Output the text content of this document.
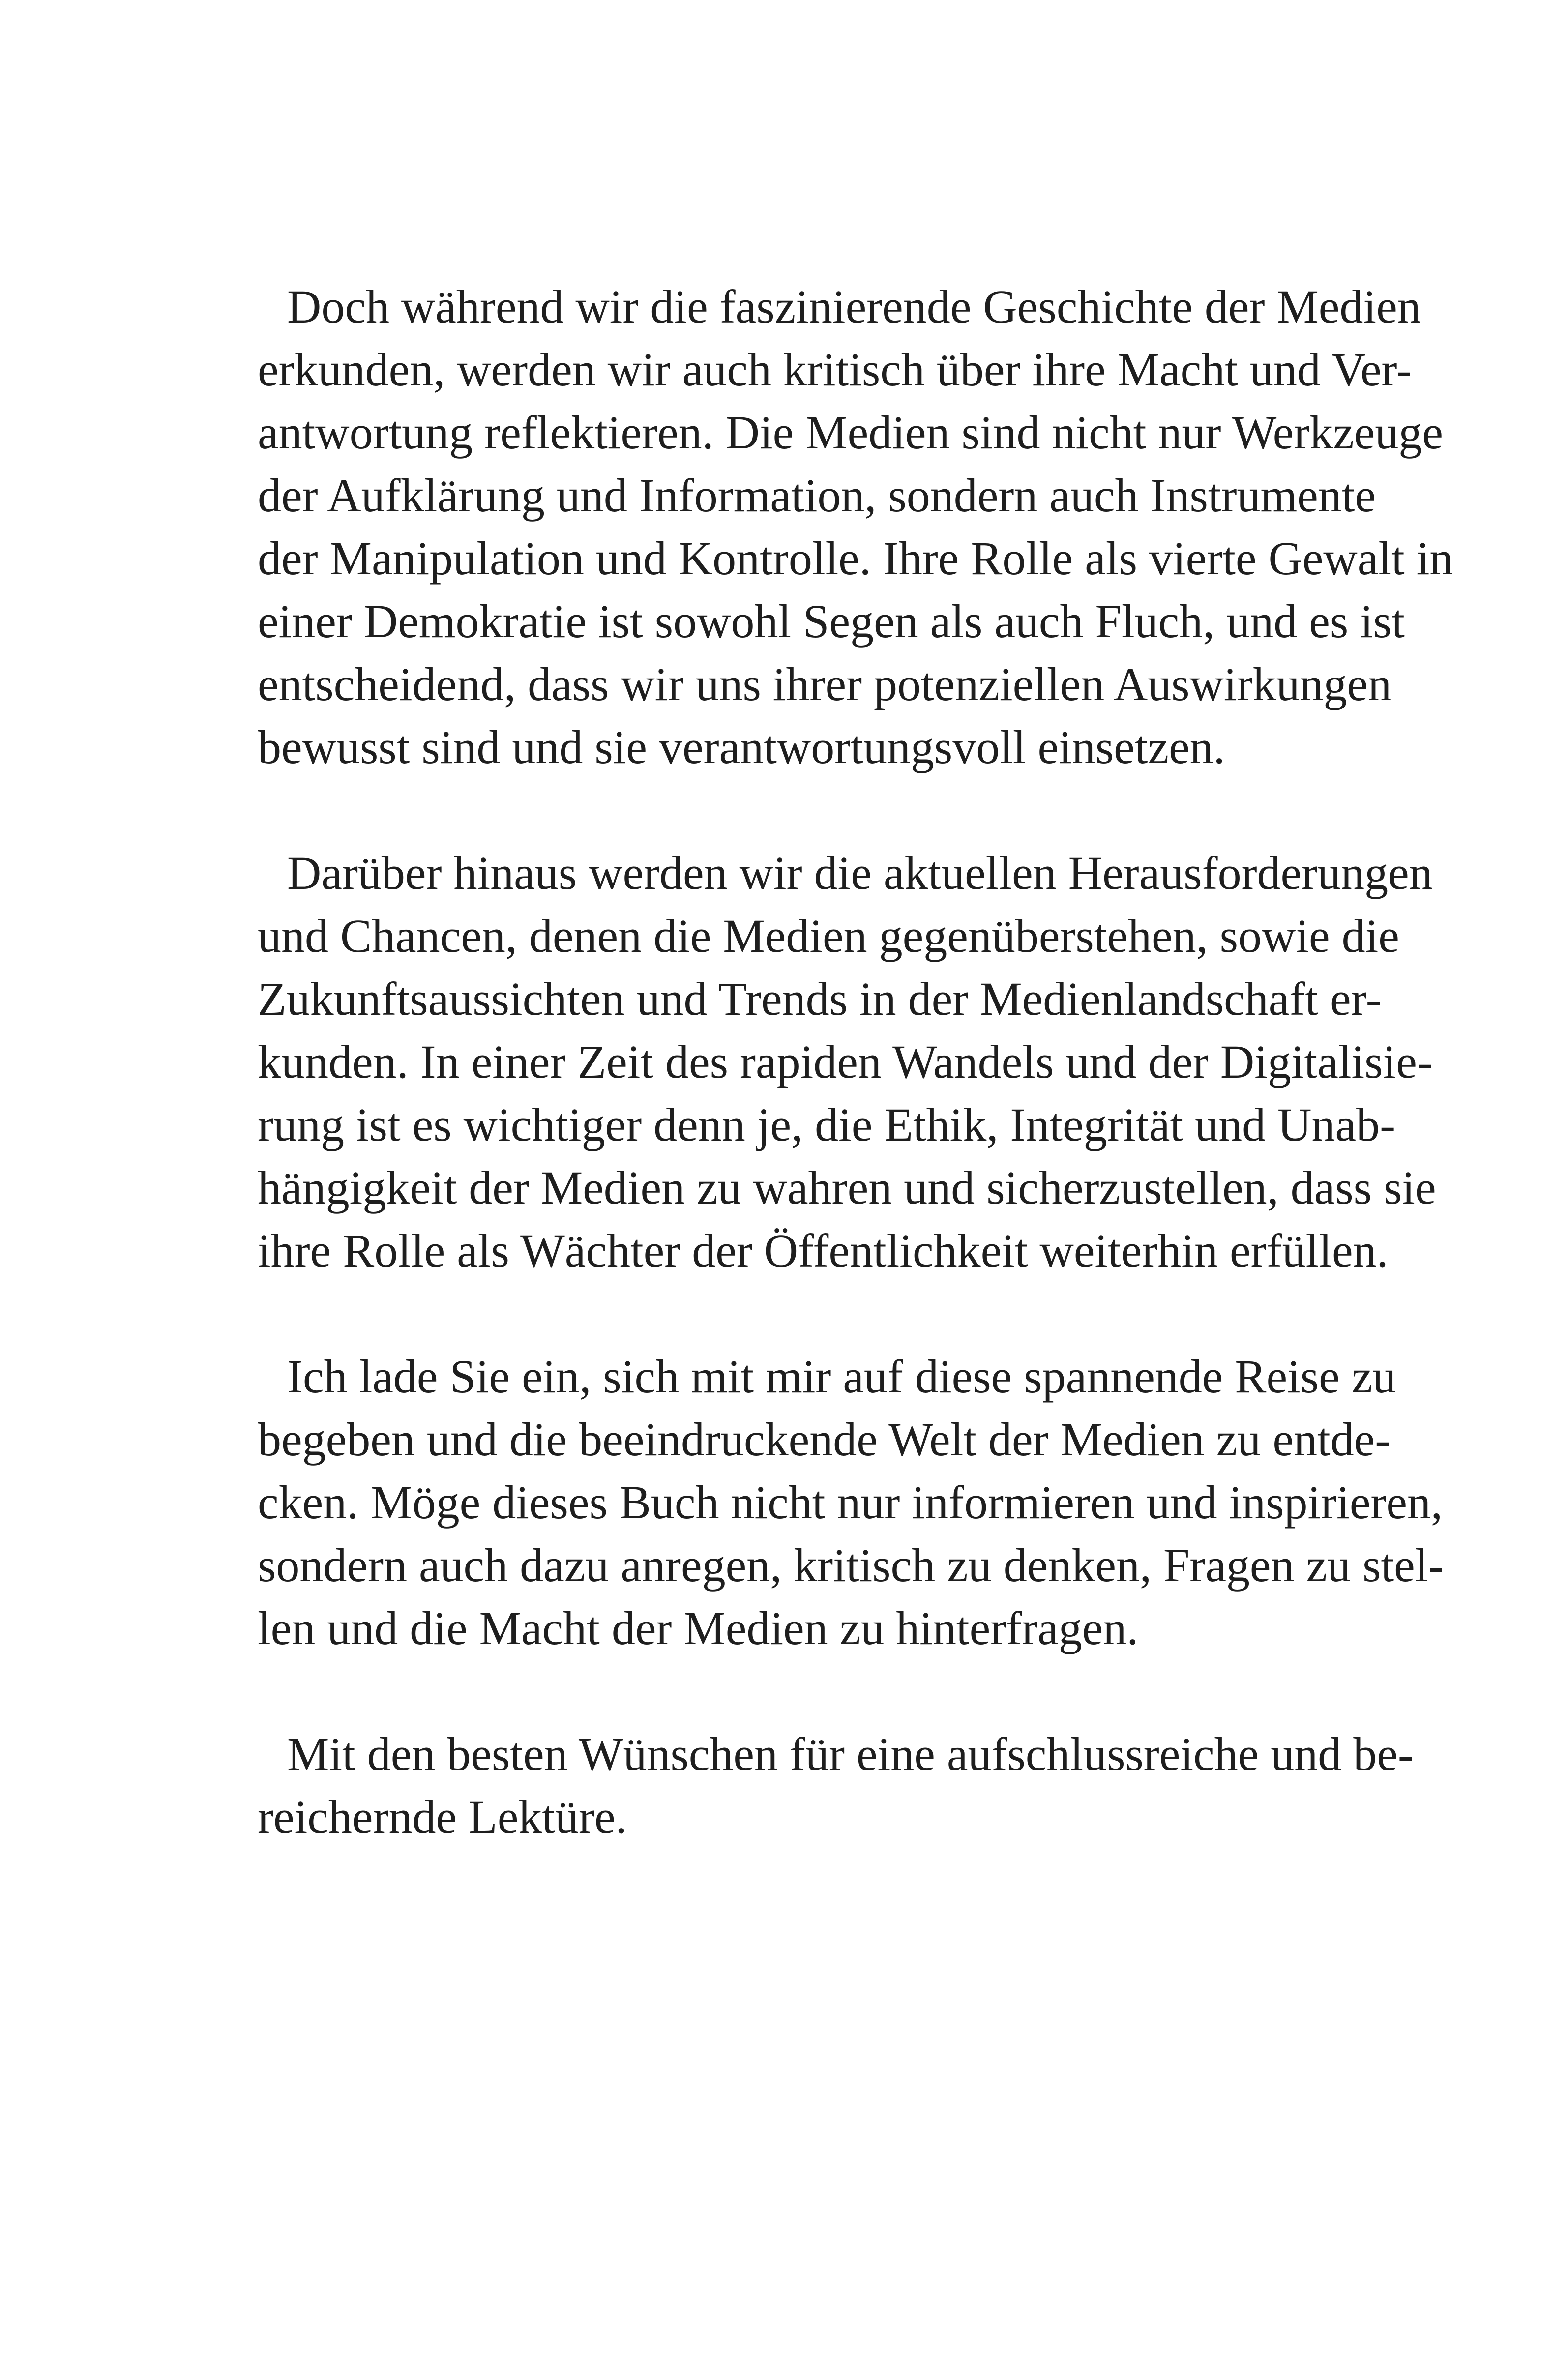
Doch während wir die faszinierende Geschichte der Medien
erkunden, werden wir auch kritisch über ihre Macht und Ver-
antwortung reflektieren. Die Medien sind nicht nur Werkzeuge
der Aufklärung und Information, sondern auch Instrumente
der Manipulation und Kontrolle. Ihre Rolle als vierte Gewalt in
einer Demokratie ist sowohl Segen als auch Fluch, und es ist
entscheidend, dass wir uns ihrer potenziellen Auswirkungen
bewusst sind und sie verantwortungsvoll einsetzen.
Darüber hinaus werden wir die aktuellen Herausforderungen
und Chancen, denen die Medien gegenüberstehen, sowie die
Zukunftsaussichten und Trends in der Medienlandschaft er-
kunden. In einer Zeit des rapiden Wandels und der Digitalisie-
rung ist es wichtiger denn je, die Ethik, Integrität und Unab-
hängigkeit der Medien zu wahren und sicherzustellen, dass sie
ihre Rolle als Wächter der Öffentlichkeit weiterhin erfüllen.
Ich lade Sie ein, sich mit mir auf diese spannende Reise zu
begeben und die beeindruckende Welt der Medien zu entde-
cken. Möge dieses Buch nicht nur informieren und inspirieren,
sondern auch dazu anregen, kritisch zu denken, Fragen zu stel-
len und die Macht der Medien zu hinterfragen.
Mit den besten Wünschen für eine aufschlussreiche und be-
reichernde Lektüre.
